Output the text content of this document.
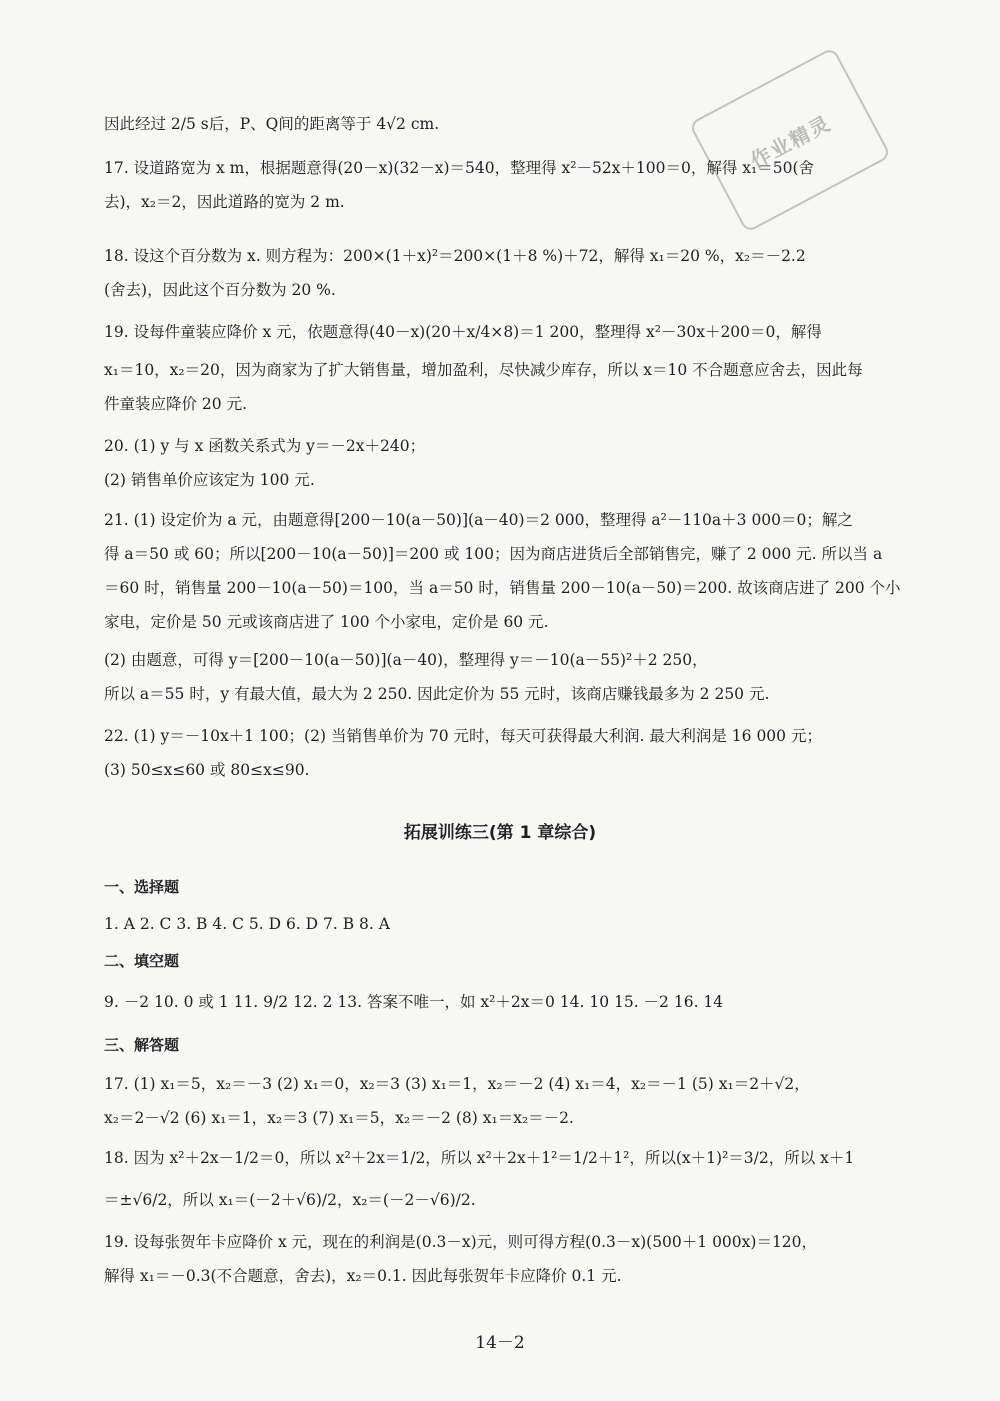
作业精灵
因此经过 2/5 s后，P、Q间的距离等于 4√2 cm.
17. 设道路宽为 x m，根据题意得(20－x)(32－x)＝540，整理得 x²－52x＋100＝0，解得 x₁＝50(舍
去)，x₂＝2，因此道路的宽为 2 m.
18. 设这个百分数为 x. 则方程为：200×(1＋x)²＝200×(1＋8 %)＋72，解得 x₁＝20 %，x₂＝－2.2
(舍去)，因此这个百分数为 20 %.
19. 设每件童装应降价 x 元，依题意得(40－x)(20＋x/4×8)＝1 200，整理得 x²－30x＋200＝0，解得
x₁＝10，x₂＝20，因为商家为了扩大销售量，增加盈利，尽快减少库存，所以 x＝10 不合题意应舍去，因此每
件童装应降价 20 元.
20. (1) y 与 x 函数关系式为 y＝－2x＋240；
(2) 销售单价应该定为 100 元.
21. (1) 设定价为 a 元，由题意得[200－10(a－50)](a－40)＝2 000，整理得 a²－110a＋3 000＝0；解之
得 a＝50 或 60；所以[200－10(a－50)]＝200 或 100；因为商店进货后全部销售完，赚了 2 000 元. 所以当 a
＝60 时，销售量 200－10(a－50)＝100，当 a＝50 时，销售量 200－10(a－50)＝200. 故该商店进了 200 个小
家电，定价是 50 元或该商店进了 100 个小家电，定价是 60 元.
(2) 由题意，可得 y＝[200－10(a－50)](a－40)，整理得 y＝－10(a－55)²＋2 250，
所以 a＝55 时，y 有最大值，最大为 2 250. 因此定价为 55 元时，该商店赚钱最多为 2 250 元.
22. (1) y＝－10x＋1 100；(2) 当销售单价为 70 元时，每天可获得最大利润. 最大利润是 16 000 元；
(3) 50≤x≤60 或 80≤x≤90.
拓展训练三(第 1 章综合)
一、选择题
1. A 2. C 3. B 4. C 5. D 6. D 7. B 8. A
二、填空题
9. －2 10. 0 或 1 11. 9/2 12. 2 13. 答案不唯一，如 x²＋2x＝0 14. 10 15. －2 16. 14
三、解答题
17. (1) x₁＝5，x₂＝－3 (2) x₁＝0，x₂＝3 (3) x₁＝1，x₂＝－2 (4) x₁＝4，x₂＝－1 (5) x₁＝2＋√2，
x₂＝2－√2 (6) x₁＝1，x₂＝3 (7) x₁＝5，x₂＝－2 (8) x₁＝x₂＝－2.
18. 因为 x²＋2x－1/2＝0，所以 x²＋2x＝1/2，所以 x²＋2x＋1²＝1/2＋1²，所以(x＋1)²＝3/2，所以 x＋1
＝±√6/2，所以 x₁＝(－2＋√6)/2，x₂＝(－2－√6)/2.
19. 设每张贺年卡应降价 x 元，现在的利润是(0.3－x)元，则可得方程(0.3－x)(500＋1 000x)＝120，
解得 x₁＝－0.3(不合题意，舍去)，x₂＝0.1. 因此每张贺年卡应降价 0.1 元.
14－2
